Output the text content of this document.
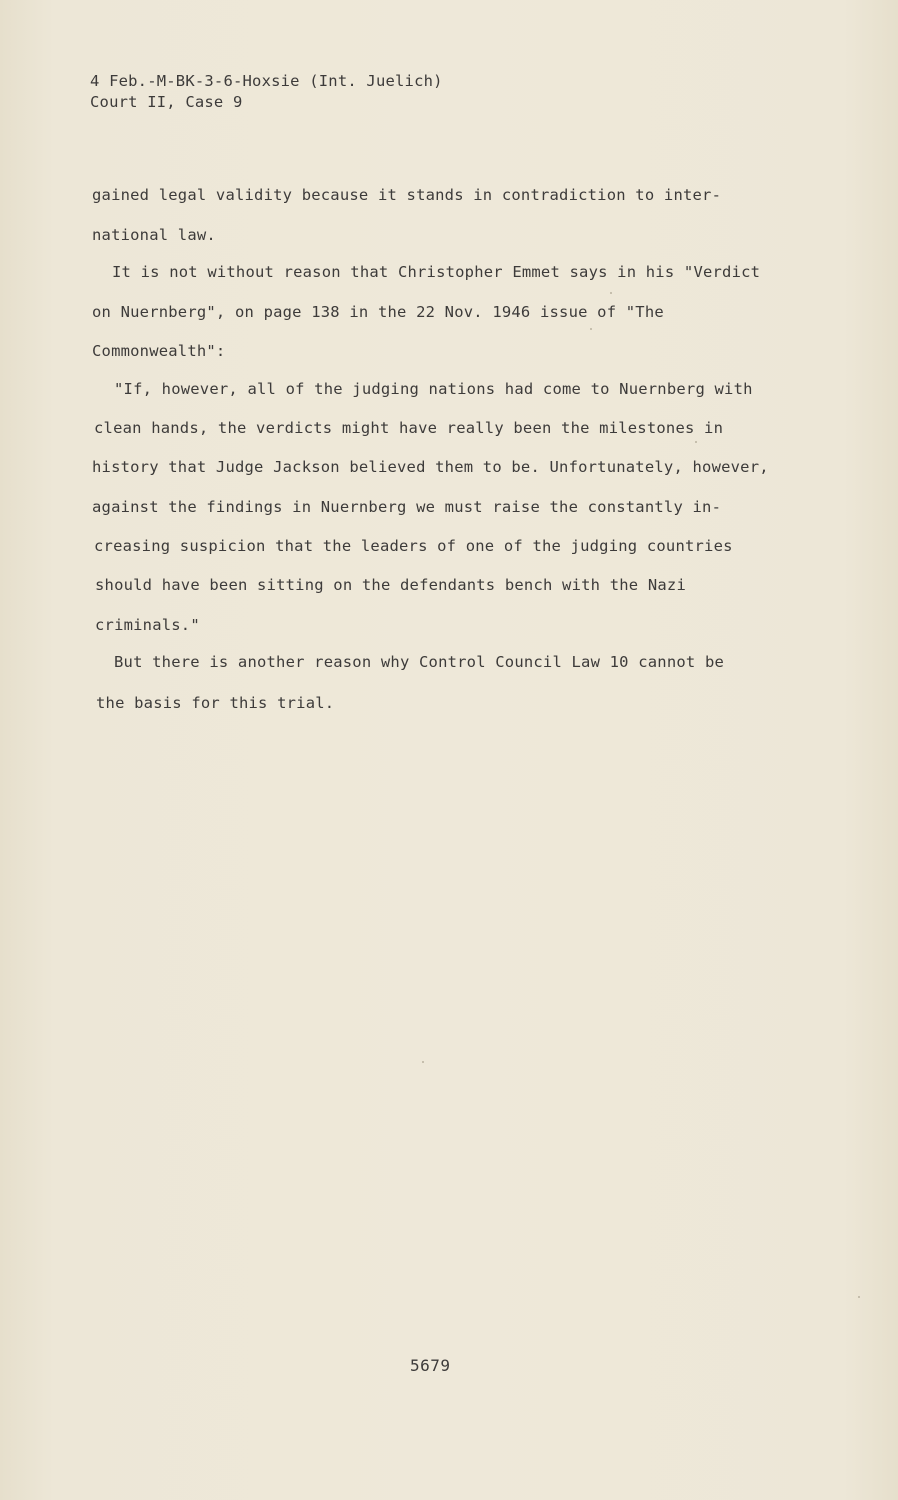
4 Feb.-M-BK-3-6-Hoxsie (Int. Juelich)
Court II, Case 9
gained legal validity because it stands in contradiction to inter-
national law.
It is not without reason that Christopher Emmet says in his "Verdict
on Nuernberg", on page 138 in the 22 Nov. 1946 issue of "The
Commonwealth":
"If, however, all of the judging nations had come to Nuernberg with
clean hands, the verdicts might have really been the milestones in
history that Judge Jackson believed them to be. Unfortunately, however,
against the findings in Nuernberg we must raise the constantly in-
creasing suspicion that the leaders of one of the judging countries
should have been sitting on the defendants bench with the Nazi
criminals."
But there is another reason why Control Council Law 10 cannot be
the basis for this trial.
5679
